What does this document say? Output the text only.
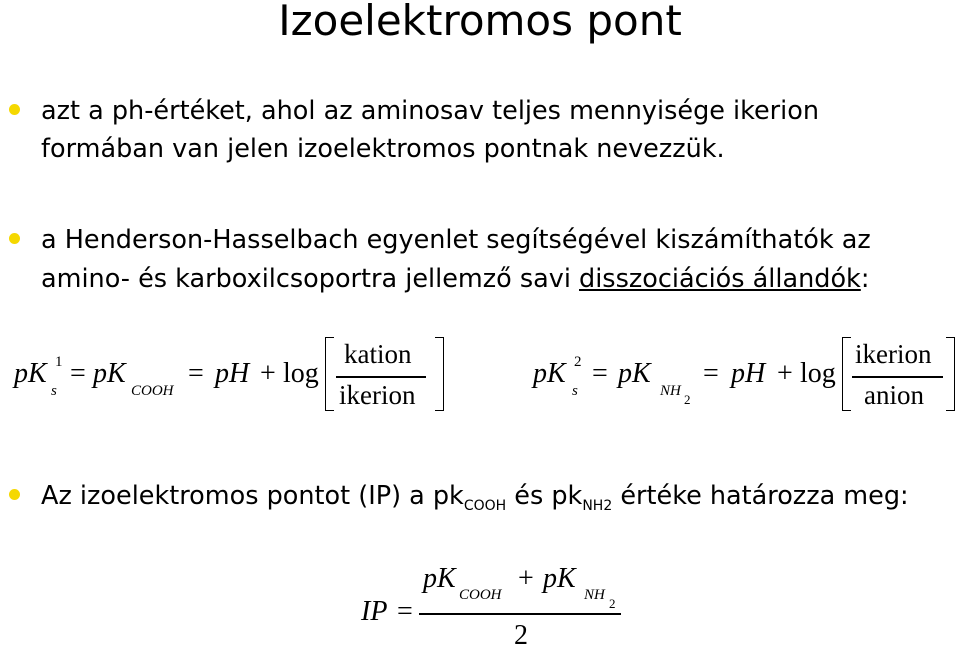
Izoelektromos pont
azt a ph-értéket, ahol az aminosav teljes mennyisége ikerion
formában van jelen izoelektromos pontnak nevezzük.
a Henderson-Hasselbach egyenlet segítségével kiszámíthatók az
amino- és karboxilcsoportra jellemző savi disszociációs állandók:
pK 1
s
= pK
COOH
= pH + log
kation
ikerion
pK 2
s
= pK
NH
2
= pH + log
ikerion
anion
Az izoelektromos pontot (IP) a $pk_{COOH}$ és $pk_{NH2}$ értéke határozza meg:
IP =
pK
COOH
+ pK
NH
2
2
